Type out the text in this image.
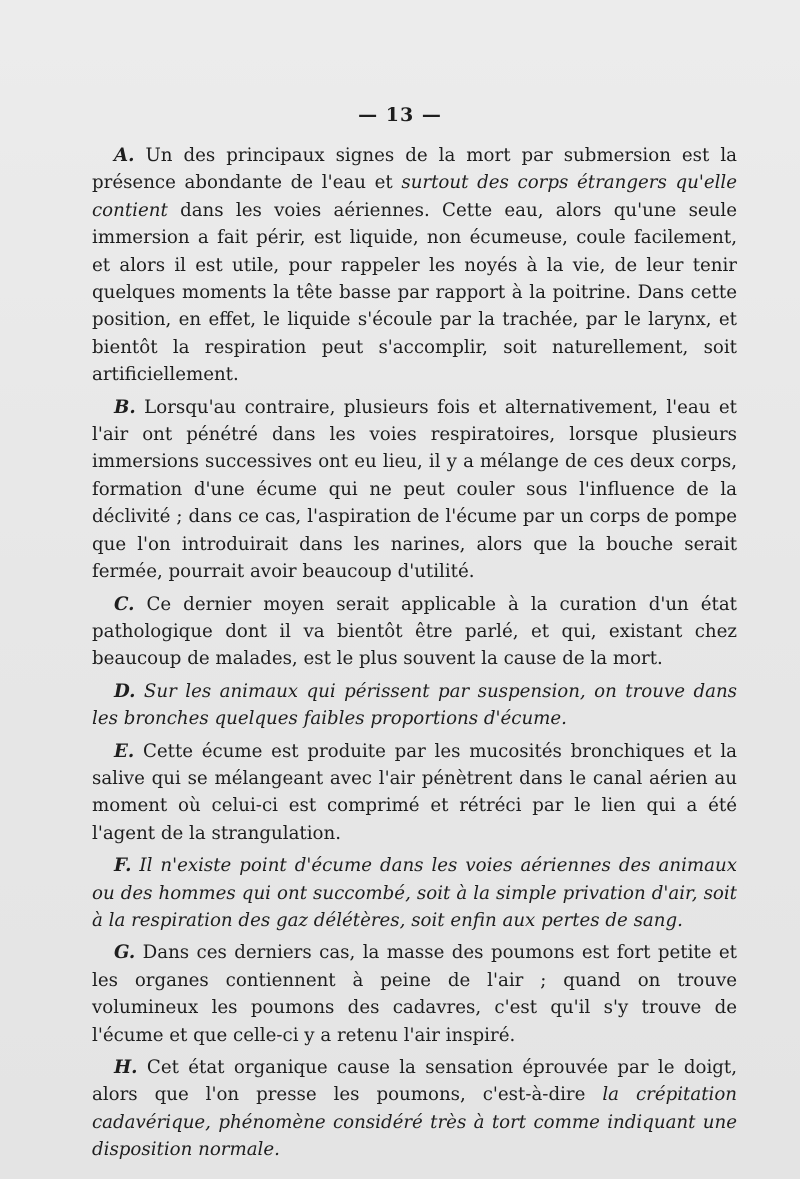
— 13 —

A. Un des principaux signes de la mort par submersion est la présence abondante de l'eau et surtout des corps étrangers qu'elle contient dans les voies aériennes. Cette eau, alors qu'une seule immersion a fait périr, est liquide, non écumeuse, coule facilement, et alors il est utile, pour rappeler les noyés à la vie, de leur tenir quelques moments la tête basse par rapport à la poitrine. Dans cette position, en effet, le liquide s'écoule par la trachée, par le larynx, et bientôt la respiration peut s'accomplir, soit naturellement, soit artificiellement.

B. Lorsqu'au contraire, plusieurs fois et alternativement, l'eau et l'air ont pénétré dans les voies respiratoires, lorsque plusieurs immersions successives ont eu lieu, il y a mélange de ces deux corps, formation d'une écume qui ne peut couler sous l'influence de la déclivité ; dans ce cas, l'aspiration de l'écume par un corps de pompe que l'on introduirait dans les narines, alors que la bouche serait fermée, pourrait avoir beaucoup d'utilité.

C. Ce dernier moyen serait applicable à la curation d'un état pathologique dont il va bientôt être parlé, et qui, existant chez beaucoup de malades, est le plus souvent la cause de la mort.

D. Sur les animaux qui périssent par suspension, on trouve dans les bronches quelques faibles proportions d'écume.

E. Cette écume est produite par les mucosités bronchiques et la salive qui se mélangeant avec l'air pénètrent dans le canal aérien au moment où celui-ci est comprimé et rétréci par le lien qui a été l'agent de la strangulation.

F. Il n'existe point d'écume dans les voies aériennes des animaux ou des hommes qui ont succombé, soit à la simple privation d'air, soit à la respiration des gaz délétères, soit enfin aux pertes de sang.

G. Dans ces derniers cas, la masse des poumons est fort petite et les organes contiennent à peine de l'air ; quand on trouve volumineux les poumons des cadavres, c'est qu'il s'y trouve de l'écume et que celle-ci y a retenu l'air inspiré.

H. Cet état organique cause la sensation éprouvée par le doigt, alors que l'on presse les poumons, c'est-à-dire la crépitation cadavérique, phénomène considéré très à tort comme indiquant une disposition normale.
